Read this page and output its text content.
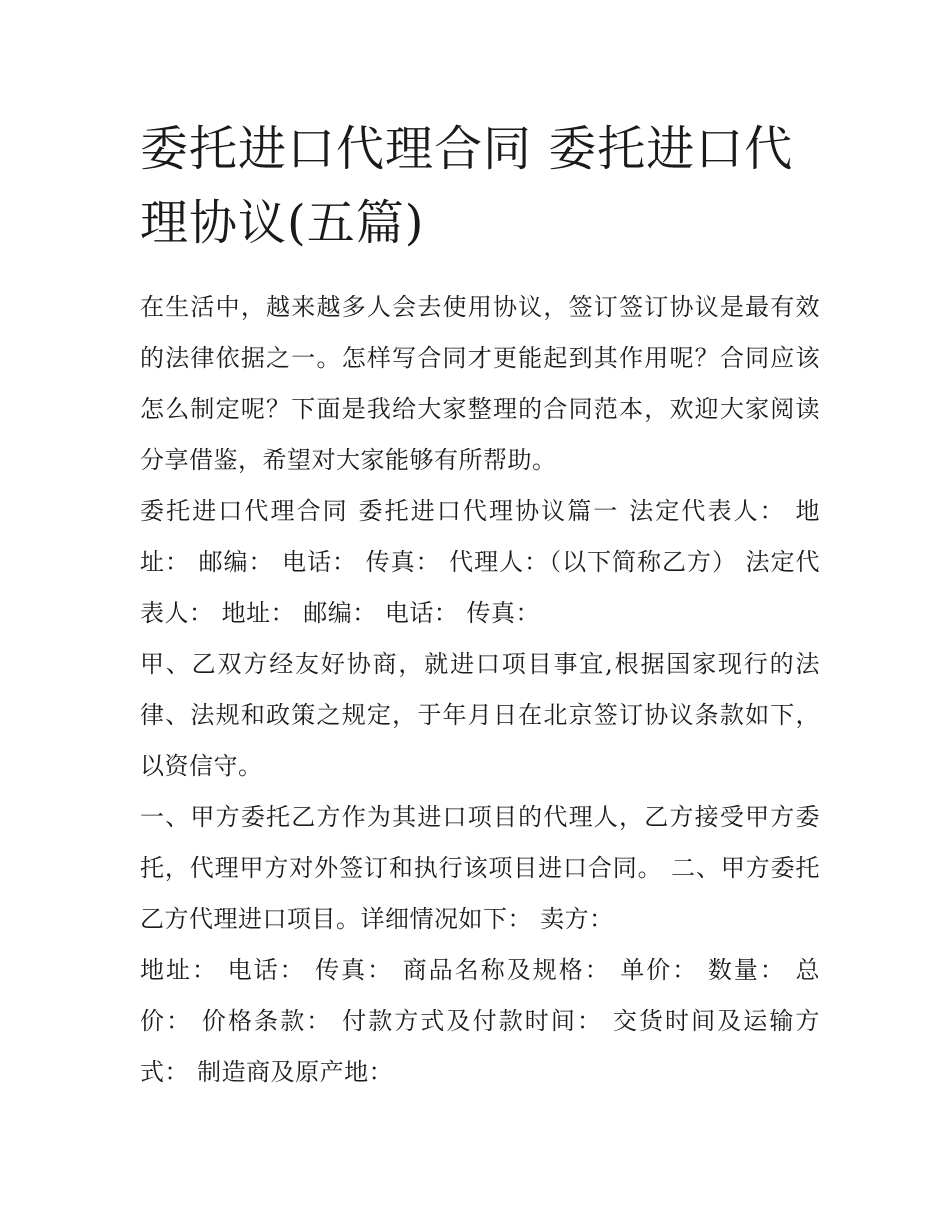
委托进口代理合同 委托进口代理协议(五篇)

在生活中，越来越多人会去使用协议，签订签订协议是最有效的法律依据之一。怎样写合同才更能起到其作用呢？合同应该怎么制定呢？下面是我给大家整理的合同范本，欢迎大家阅读分享借鉴，希望对大家能够有所帮助。

委托进口代理合同 委托进口代理协议篇一 法定代表人： 地址： 邮编： 电话： 传真： 代理人：（以下简称乙方） 法定代表人： 地址： 邮编： 电话： 传真：

甲、乙双方经友好协商，就进口项目事宜,根据国家现行的法律、法规和政策之规定，于年月日在北京签订协议条款如下，以资信守。

一、甲方委托乙方作为其进口项目的代理人，乙方接受甲方委托，代理甲方对外签订和执行该项目进口合同。 二、甲方委托乙方代理进口项目。详细情况如下： 卖方：

地址： 电话： 传真： 商品名称及规格： 单价： 数量： 总价： 价格条款： 付款方式及付款时间： 交货时间及运输方式： 制造商及原产地：
